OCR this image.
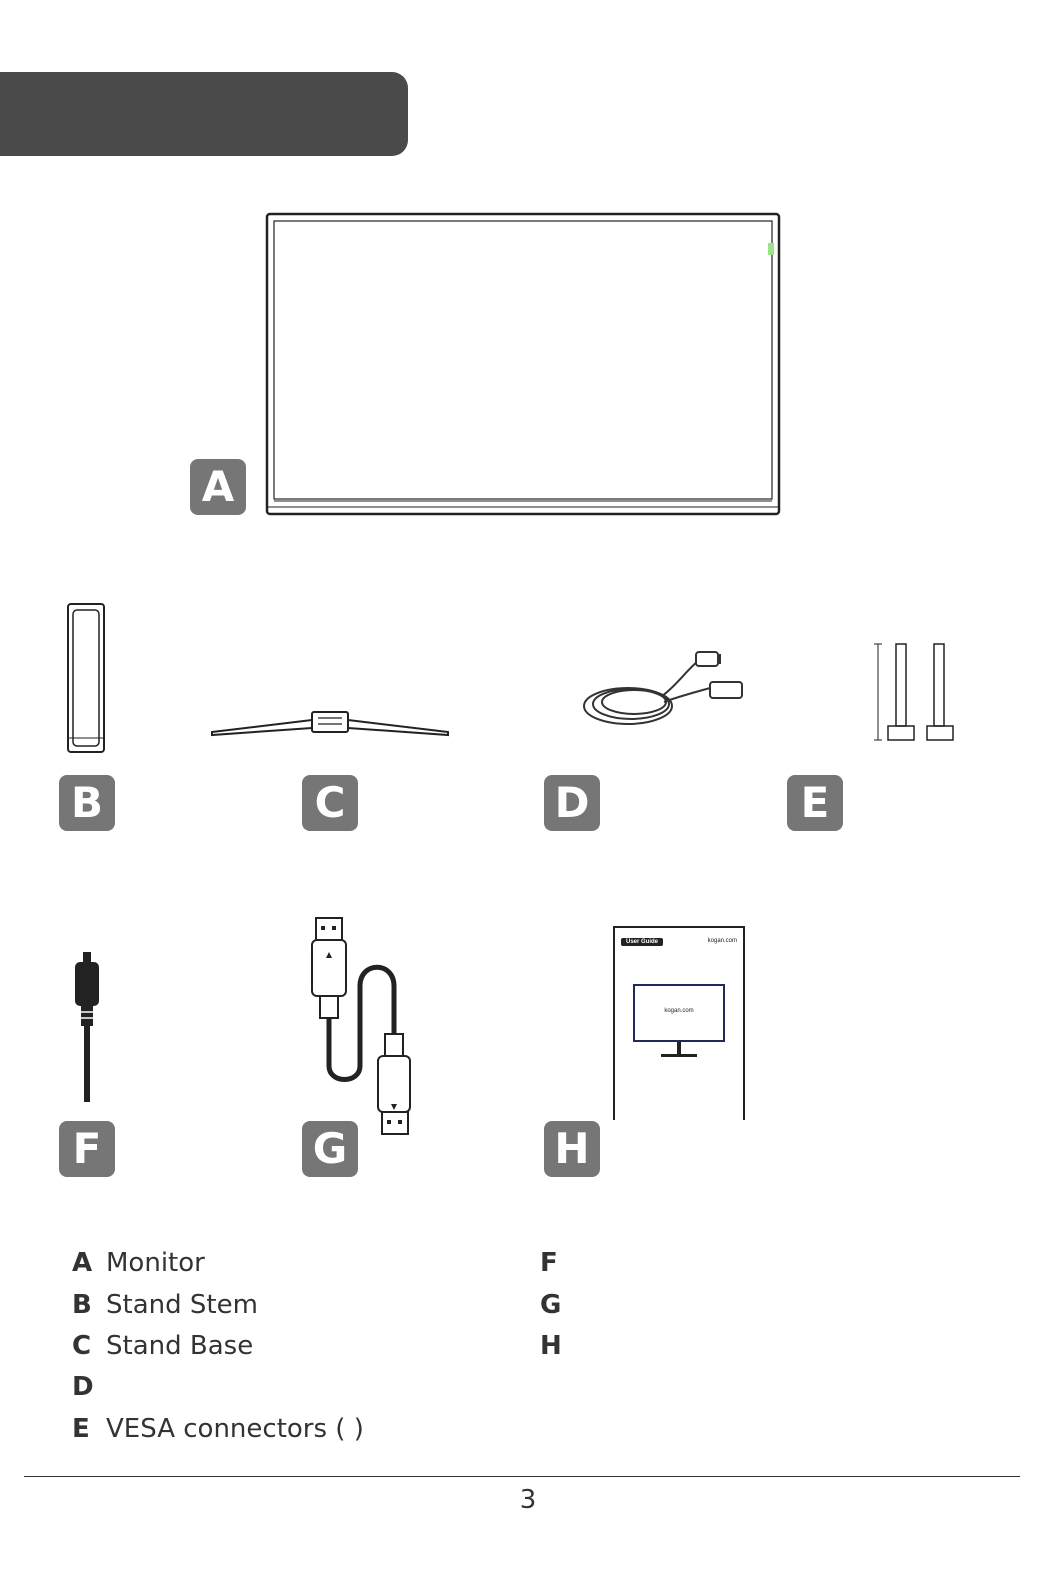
A
B	C	D	E
F	G
User Guide	kogan.com
kogan.com
H
A Monitor
B Stand Stem
C Stand Base
D
E VESA connectors ( )
F
G
H
3
